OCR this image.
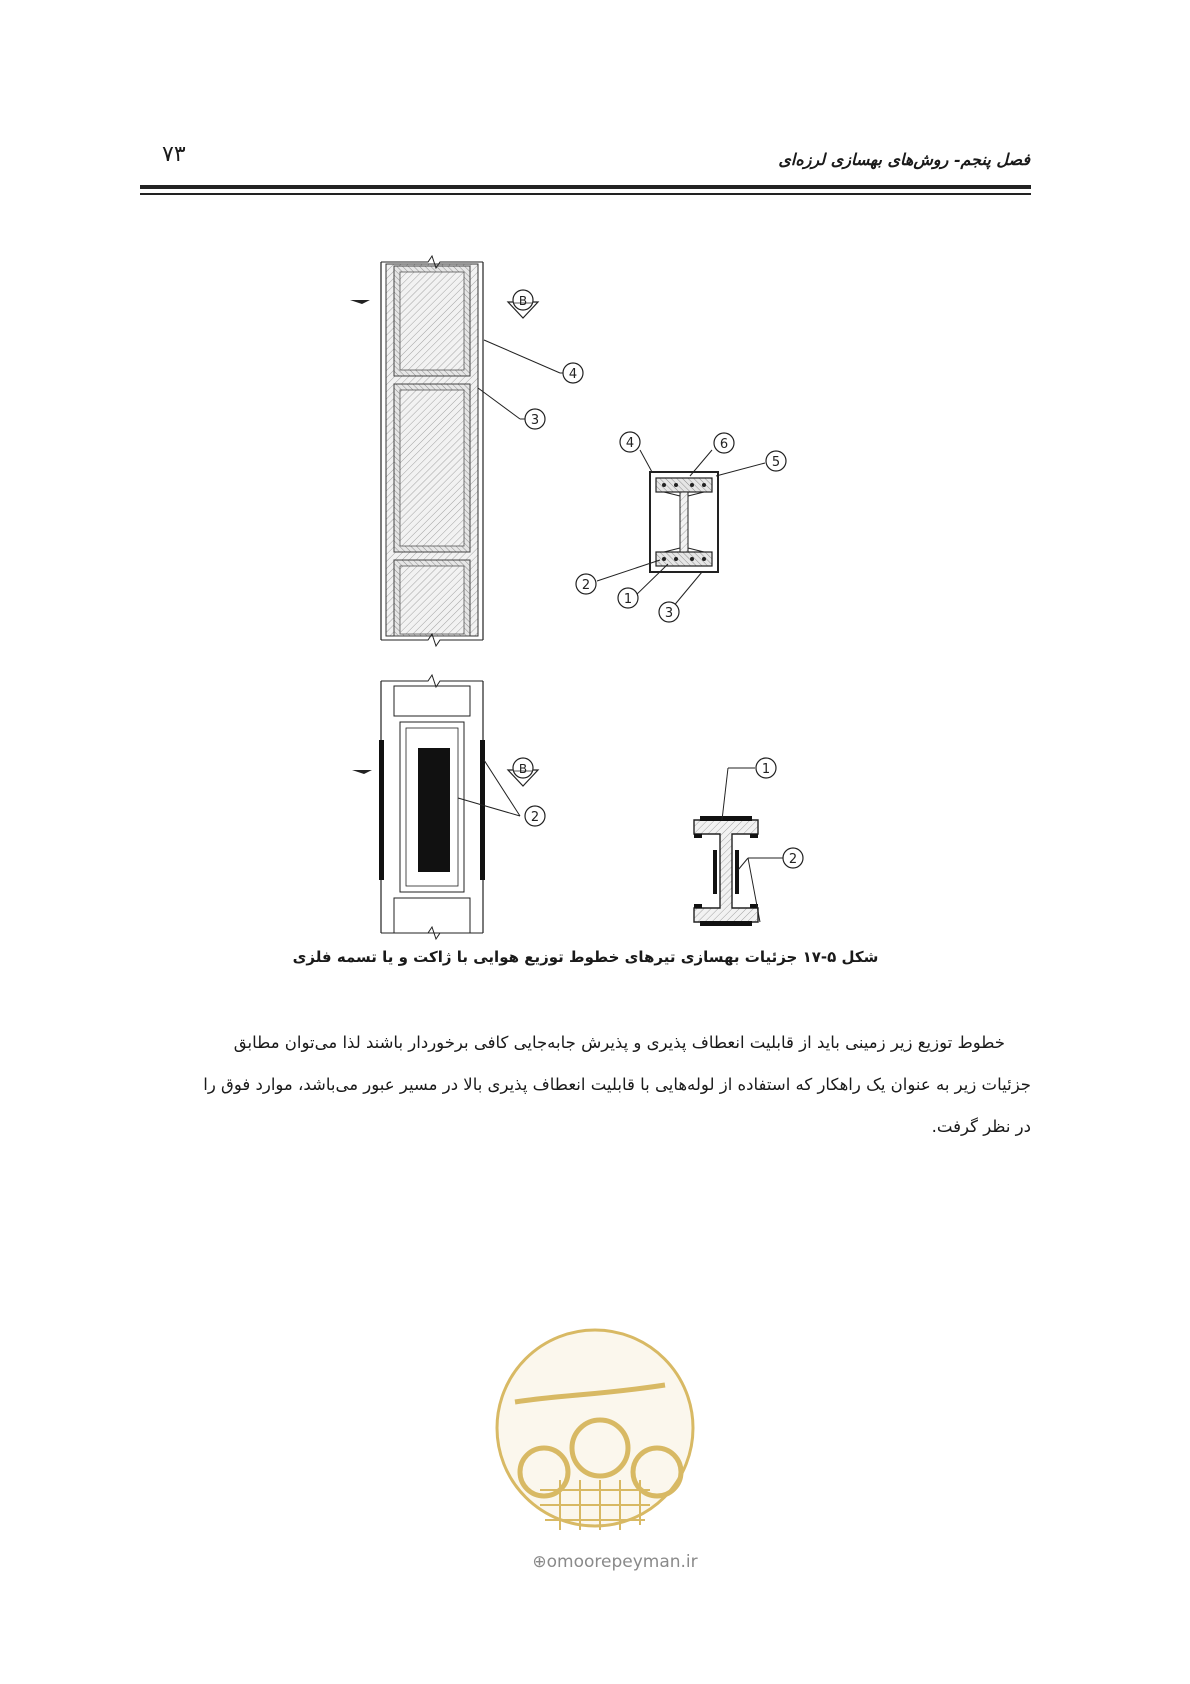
۷۳	فصل پنجم- روش‌های بهسازی لرزه‌ای
B
4
3
4	6
5
2
1
3
B
2
1
2
شکل ۵-۱۷ جزئیات بهسازی تیرهای خطوط توزیع هوایی با ژاکت و یا تسمه فلزی
خطوط توزیع زیر زمینی باید از قابلیت انعطاف پذیری و پذیرش جابه‌جایی کافی برخوردار باشند لذا می‌توان مطابق
جزئیات زیر به عنوان یک راهکار که استفاده از لوله‌هایی با قابلیت انعطاف پذیری بالا در مسیر عبور می‌باشد، موارد فوق را
در نظر گرفت.
⊕omoorepeyman.ir
